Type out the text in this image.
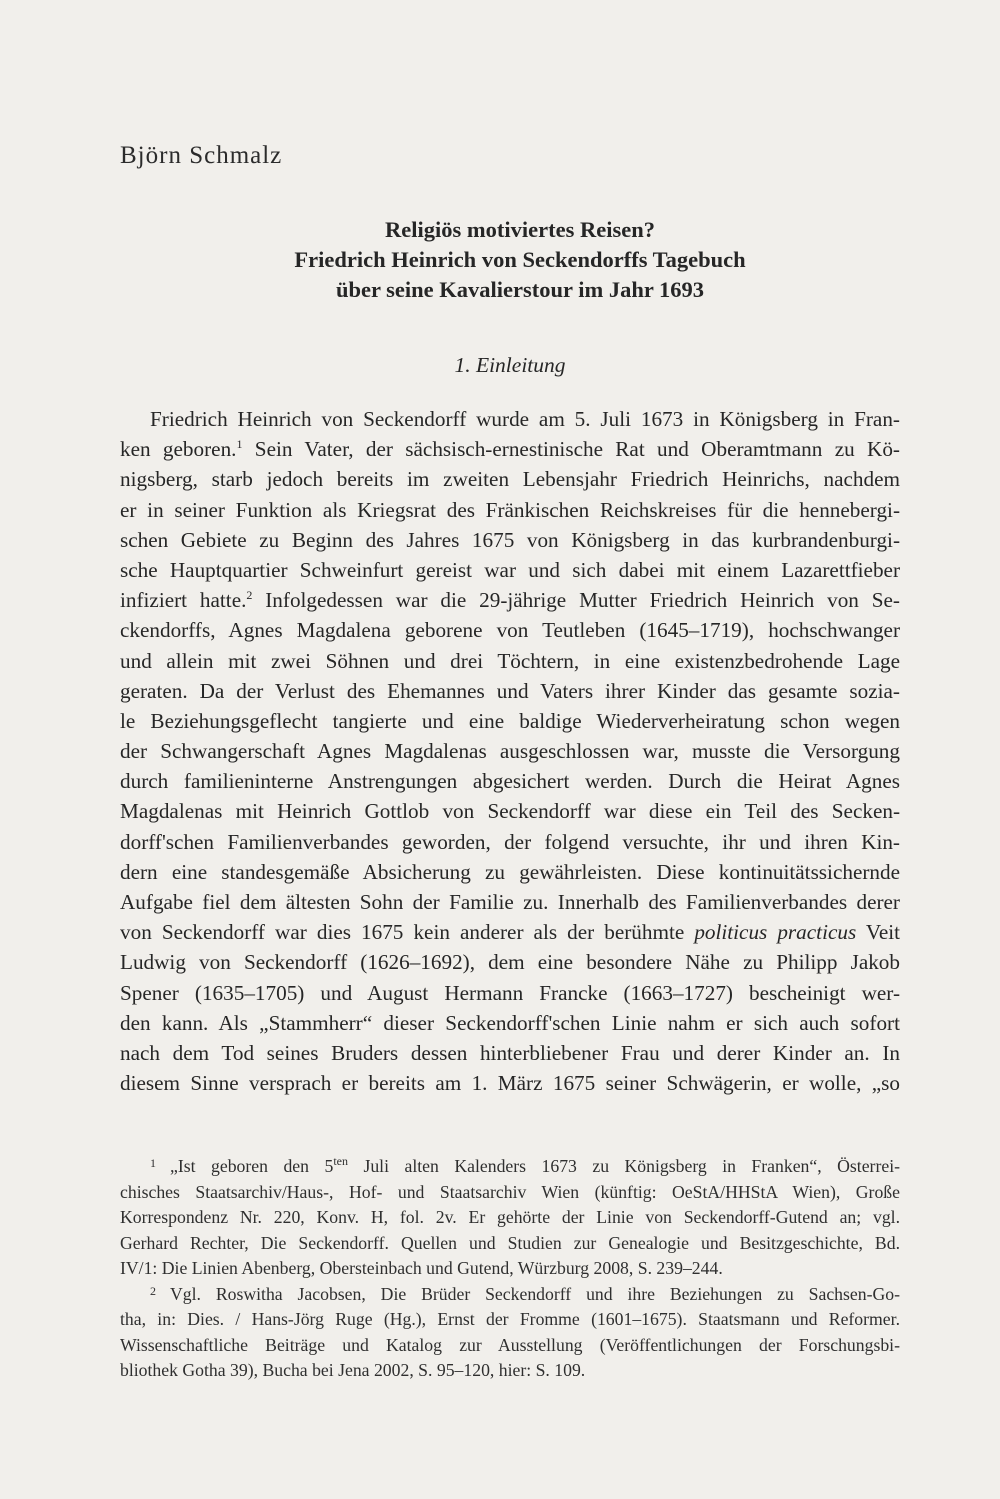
Björn Schmalz
Religiös motiviertes Reisen?
Friedrich Heinrich von Seckendorffs Tagebuch
über seine Kavalierstour im Jahr 1693
1. Einleitung
Friedrich Heinrich von Seckendorff wurde am 5. Juli 1673 in Königsberg in Fran-
ken geboren.$^1$ Sein Vater, der sächsisch-ernestinische Rat und Oberamtmann zu Kö-
nigsberg, starb jedoch bereits im zweiten Lebensjahr Friedrich Heinrichs, nachdem
er in seiner Funktion als Kriegsrat des Fränkischen Reichskreises für die hennebergi-
schen Gebiete zu Beginn des Jahres 1675 von Königsberg in das kurbrandenburgi-
sche Hauptquartier Schweinfurt gereist war und sich dabei mit einem Lazarettfieber
infiziert hatte.$^2$ Infolgedessen war die 29-jährige Mutter Friedrich Heinrich von Se-
ckendorffs, Agnes Magdalena geborene von Teutleben (1645–1719), hochschwanger
und allein mit zwei Söhnen und drei Töchtern, in eine existenzbedrohende Lage
geraten. Da der Verlust des Ehemannes und Vaters ihrer Kinder das gesamte sozia-
le Beziehungsgeflecht tangierte und eine baldige Wiederverheiratung schon wegen
der Schwangerschaft Agnes Magdalenas ausgeschlossen war, musste die Versorgung
durch familieninterne Anstrengungen abgesichert werden. Durch die Heirat Agnes
Magdalenas mit Heinrich Gottlob von Seckendorff war diese ein Teil des Secken-
dorff'schen Familienverbandes geworden, der folgend versuchte, ihr und ihren Kin-
dern eine standesgemäße Absicherung zu gewährleisten. Diese kontinuitätssichernde
Aufgabe fiel dem ältesten Sohn der Familie zu. Innerhalb des Familienverbandes derer
von Seckendorff war dies 1675 kein anderer als der berühmte politicus practicus Veit
Ludwig von Seckendorff (1626–1692), dem eine besondere Nähe zu Philipp Jakob
Spener (1635–1705) und August Hermann Francke (1663–1727) bescheinigt wer-
den kann. Als „Stammherr“ dieser Seckendorff'schen Linie nahm er sich auch sofort
nach dem Tod seines Bruders dessen hinterbliebener Frau und derer Kinder an. In
diesem Sinne versprach er bereits am 1. März 1675 seiner Schwägerin, er wolle, „so
1 „Ist geboren den $5^{ten}$ Juli alten Kalenders 1673 zu Königsberg in Franken“, Österrei-
chisches Staatsarchiv/Haus-, Hof- und Staatsarchiv Wien (künftig: OeStA/HHStA Wien), Große
Korrespondenz Nr. 220, Konv. H, fol. 2v. Er gehörte der Linie von Seckendorff-Gutend an; vgl.
Gerhard Rechter, Die Seckendorff. Quellen und Studien zur Genealogie und Besitzgeschichte, Bd.
IV/1: Die Linien Abenberg, Obersteinbach und Gutend, Würzburg 2008, S. 239–244.
2 Vgl. Roswitha Jacobsen, Die Brüder Seckendorff und ihre Beziehungen zu Sachsen-Go-
tha, in: Dies. / Hans-Jörg Ruge (Hg.), Ernst der Fromme (1601–1675). Staatsmann und Reformer.
Wissenschaftliche Beiträge und Katalog zur Ausstellung (Veröffentlichungen der Forschungsbi-
bliothek Gotha 39), Bucha bei Jena 2002, S. 95–120, hier: S. 109.
